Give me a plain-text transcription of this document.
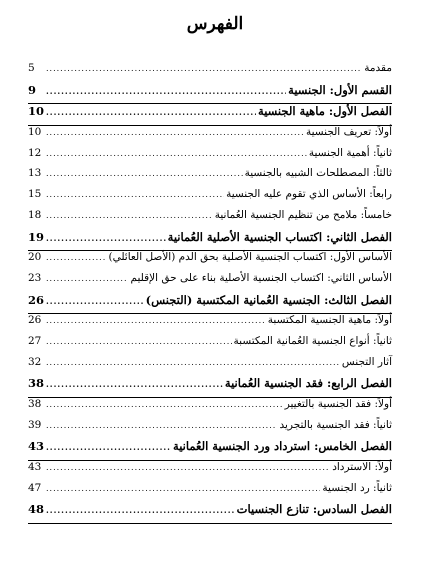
الفهرس
مقدمة
.....
5
القسم الأول: الجنسية
.....
9
الفصل الأول: ماهية الجنسية
.....
10
أولاً: تعريف الجنسية
.....
10
ثانياً: أهمية الجنسية
.....
12
ثالثاً: المصطلحات الشبيه بالجنسية
.....
13
رابعاً: الأساس الذي تقوم عليه الجنسية
.....
15
خامساً: ملامح من تنظيم الجنسية العُمانية
.....
18
الفصل الثاني: اكتساب الجنسية الأصلية العُمانية
.....
19
الأساس الأول: اكتساب الجنسية الأصلية بحق الدم (الأصل العائلي)
.....
20
الأساس الثاني: اكتساب الجنسية الأصلية بناء على حق الإقليم
.....
23
الفصل الثالث: الجنسية العُمانية المكتسبة (التجنس)
.....
26
أولاً: ماهية الجنسية المكتسبة
.....
26
ثانياً: أنواع الجنسية العُمانية المكتسبة
.....
27
آثار التجنس
.....
32
الفصل الرابع: فقد الجنسية العُمانية
.....
38
أولاً: فقد الجنسية بالتغيير
.....
38
ثانياً: فقد الجنسية بالتجريد
.....
39
الفصل الخامس: استرداد ورد الجنسية العُمانية
.....
43
أولاً: الاسترداد
.....
43
ثانياً: رد الجنسية
.....
47
الفصل السادس: تنازع الجنسيات
.....
48
